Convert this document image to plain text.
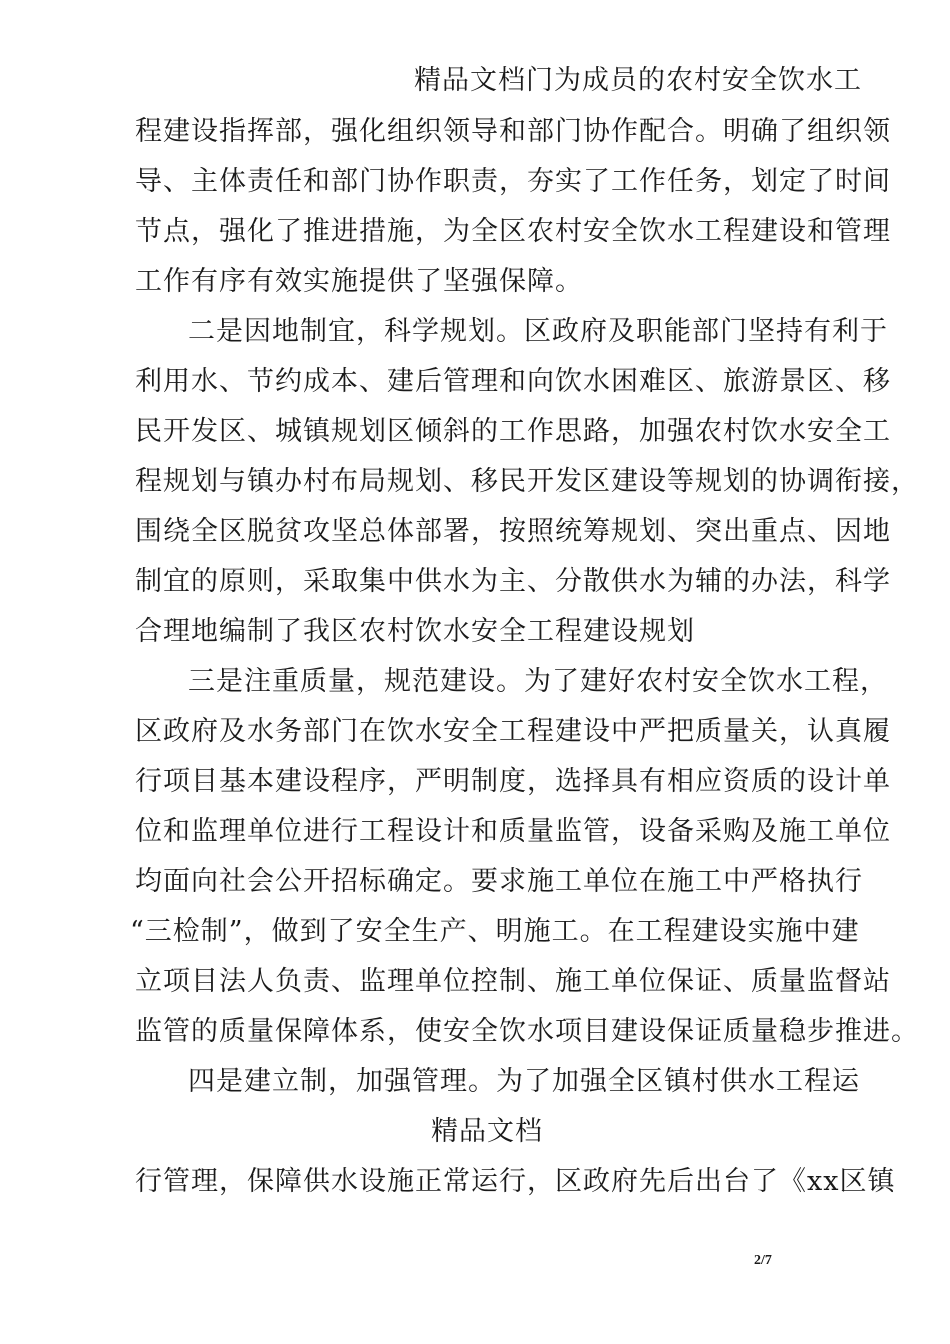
精品文档门为成员的农村安全饮水工
程建设指挥部，强化组织领导和部门协作配合。明确了组织领
导、主体责任和部门协作职责，夯实了工作任务，划定了时间
节点，强化了推进措施，为全区农村安全饮水工程建设和管理
工作有序有效实施提供了坚强保障。
二是因地制宜，科学规划。区政府及职能部门坚持有利于
利用水、节约成本、建后管理和向饮水困难区、旅游景区、移
民开发区、城镇规划区倾斜的工作思路，加强农村饮水安全工
程规划与镇办村布局规划、移民开发区建设等规划的协调衔接，
围绕全区脱贫攻坚总体部署，按照统筹规划、突出重点、因地
制宜的原则，采取集中供水为主、分散供水为辅的办法，科学
合理地编制了我区农村饮水安全工程建设规划
三是注重质量，规范建设。为了建好农村安全饮水工程，
区政府及水务部门在饮水安全工程建设中严把质量关，认真履
行项目基本建设程序，严明制度，选择具有相应资质的设计单
位和监理单位进行工程设计和质量监管，设备采购及施工单位
均面向社会公开招标确定。要求施工单位在施工中严格执行
“三检制”，做到了安全生产、明施工。在工程建设实施中建
立项目法人负责、监理单位控制、施工单位保证、质量监督站
监管的质量保障体系，使安全饮水项目建设保证质量稳步推进。
四是建立制，加强管理。为了加强全区镇村供水工程运
精品文档
行管理，保障供水设施正常运行，区政府先后出台了《xx区镇
2/7
